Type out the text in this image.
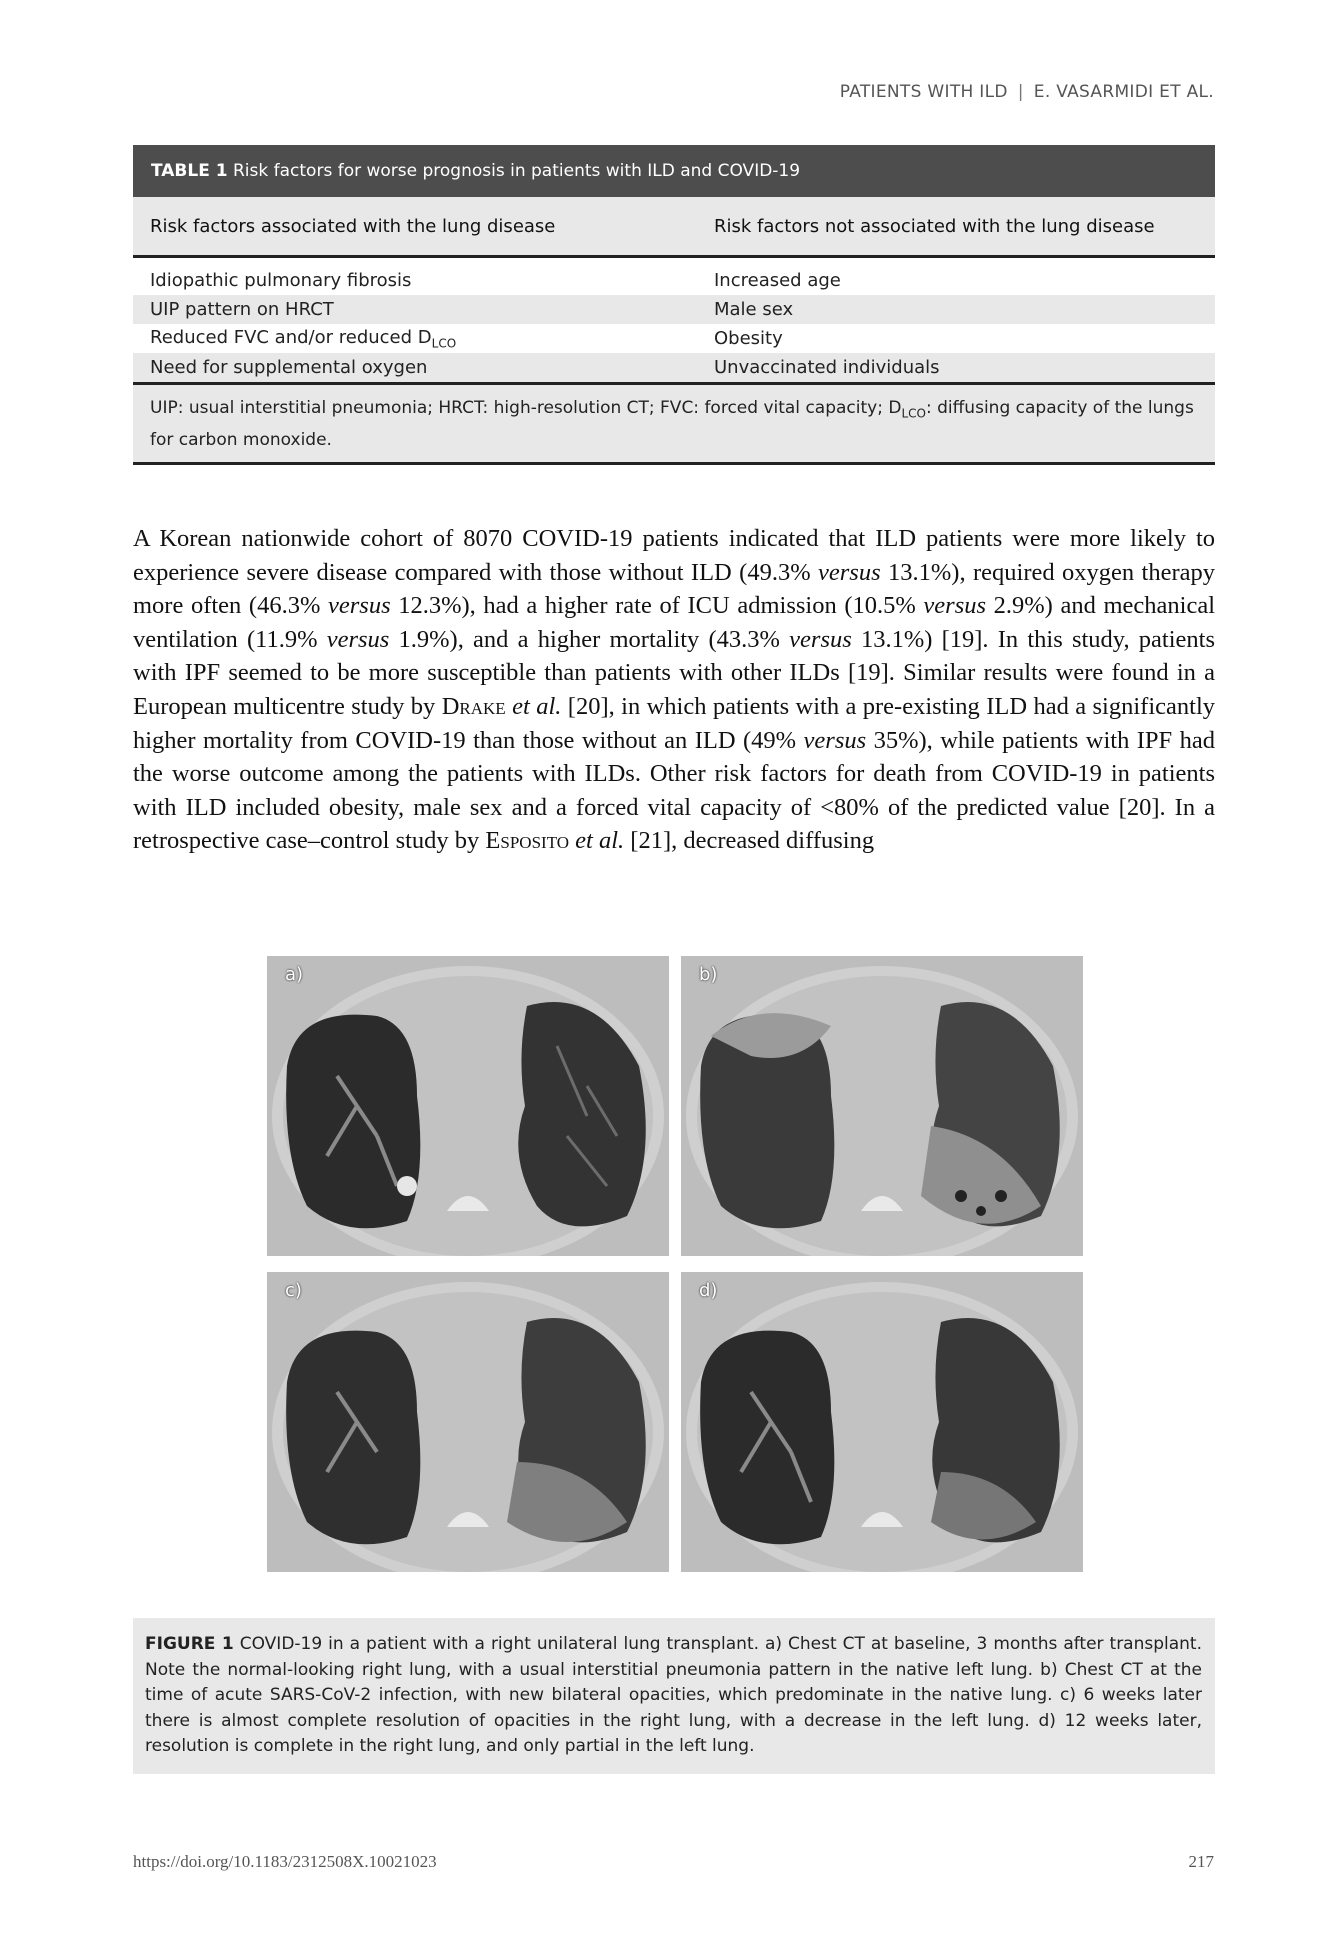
PATIENTS WITH ILD | E. VASARMIDI ET AL.
TABLE 1 Risk factors for worse prognosis in patients with ILD and COVID-19
Risk factors associated with the lung disease	Risk factors not associated with the lung disease
Idiopathic pulmonary fibrosis	Increased age
UIP pattern on HRCT	Male sex
Reduced FVC and/or reduced $D_{LCO}$	Obesity
Need for supplemental oxygen	Unvaccinated individuals
UIP: usual interstitial pneumonia; HRCT: high-resolution CT; FVC: forced vital capacity; $D_{LCO}$: diffusing capacity of the lungs for carbon monoxide.
A Korean nationwide cohort of 8070 COVID-19 patients indicated that ILD patients were more likely to experience severe disease compared with those without ILD (49.3% versus 13.1%), required oxygen therapy more often (46.3% versus 12.3%), had a higher rate of ICU admission (10.5% versus 2.9%) and mechanical ventilation (11.9% versus 1.9%), and a higher mortality (43.3% versus 13.1%) [19]. In this study, patients with IPF seemed to be more susceptible than patients with other ILDs [19]. Similar results were found in a European multicentre study by Drake et al. [20], in which patients with a pre-existing ILD had a significantly higher mortality from COVID-19 than those without an ILD (49% versus 35%), while patients with IPF had the worse outcome among the patients with ILDs. Other risk factors for death from COVID-19 in patients with ILD included obesity, male sex and a forced vital capacity of <80% of the predicted value [20]. In a retrospective case–control study by Esposito et al. [21], decreased diffusing
a)	b)
c)	d)
FIGURE 1 COVID-19 in a patient with a right unilateral lung transplant. a) Chest CT at baseline, 3 months after transplant. Note the normal-looking right lung, with a usual interstitial pneumonia pattern in the native left lung. b) Chest CT at the time of acute SARS-CoV-2 infection, with new bilateral opacities, which predominate in the native lung. c) 6 weeks later there is almost complete resolution of opacities in the right lung, with a decrease in the left lung. d) 12 weeks later, resolution is complete in the right lung, and only partial in the left lung.
https://doi.org/10.1183/2312508X.10021023	217
